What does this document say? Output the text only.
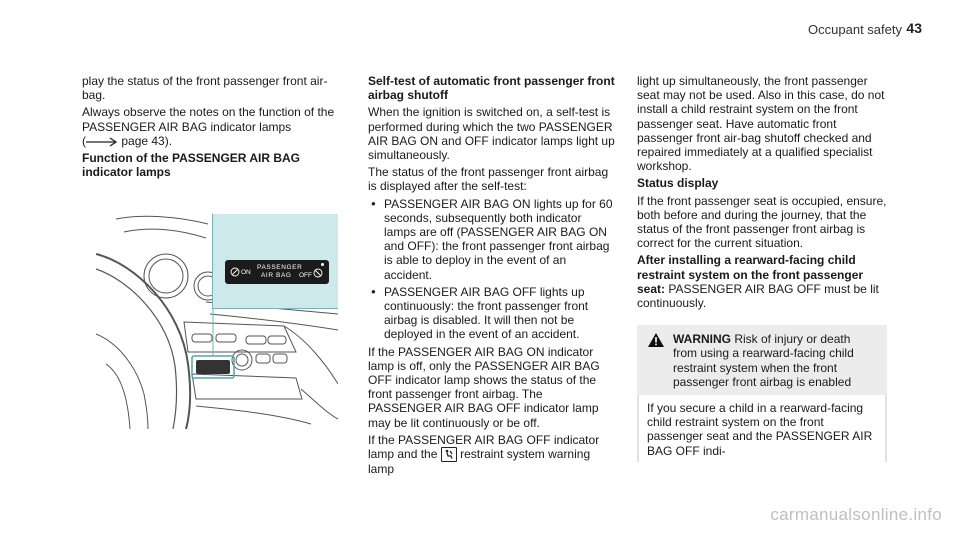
Occupant safety 43

play the status of the front passenger front air-bag.

Always observe the notes on the function of the PASSENGER AIR BAG indicator lamps
(	page 43).

Function of the PASSENGER AIR BAG indicator lamps

ON
PASSENGER
AIR BAG OFF

Self-test of automatic front passenger front airbag shutoff

When the ignition is switched on, a self-test is performed during which the two PASSENGER AIR BAG ON and OFF indicator lamps light up simultaneously.

The status of the front passenger front airbag is displayed after the self-test:

● PASSENGER AIR BAG ON lights up for 60 seconds, subsequently both indicator lamps are off (PASSENGER AIR BAG ON and OFF): the front passenger front airbag is able to deploy in the event of an accident.
● PASSENGER AIR BAG OFF lights up continuously: the front passenger front airbag is disabled. It will then not be deployed in the event of an accident.

If the PASSENGER AIR BAG ON indicator lamp is off, only the PASSENGER AIR BAG OFF indicator lamp shows the status of the front passenger front airbag. The PASSENGER AIR BAG OFF indicator lamp may be lit continuously or be off.

If the PASSENGER AIR BAG OFF indicator lamp and the restraint system warning lamp

light up simultaneously, the front passenger seat may not be used. Also in this case, do not install a child restraint system on the front passenger seat. Have automatic front passenger front air-bag shutoff checked and repaired immediately at a qualified specialist workshop.

Status display

If the front passenger seat is occupied, ensure, both before and during the journey, that the status of the front passenger front airbag is correct for the current situation.

After installing a rearward-facing child restraint system on the front passenger seat: PASSENGER AIR BAG OFF must be lit continuously.

WARNING Risk of injury or death from using a rearward-facing child restraint system when the front passenger front airbag is enabled
If you secure a child in a rearward-facing child restraint system on the front passenger seat and the PASSENGER AIR BAG OFF indi-
carmanualsonline.info
